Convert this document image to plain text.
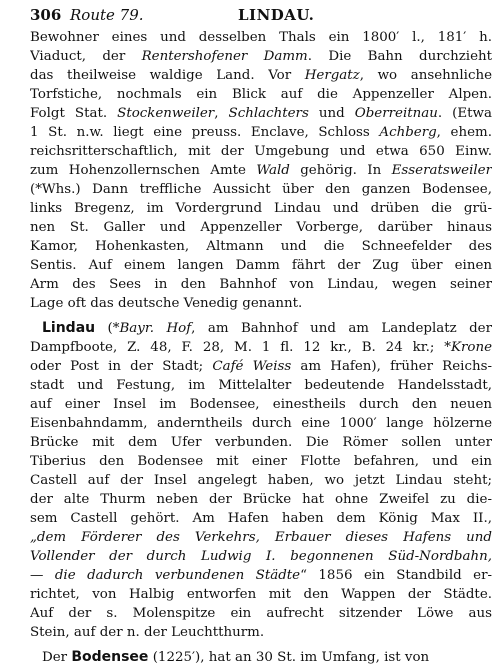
306 Route 79.	LINDAU.
Bewohner eines und desselben Thals ein 1800′ l., 181′ h.
Viaduct, der Rentershofener Damm. Die Bahn durchzieht
das theilweise waldige Land. Vor Hergatz, wo ansehnliche
Torfstiche, nochmals ein Blick auf die Appenzeller Alpen.
Folgt Stat. Stockenweiler, Schlachters und Oberreitnau. (Etwa
1 St. n.w. liegt eine preuss. Enclave, Schloss Achberg, ehem.
reichsritterschaftlich, mit der Umgebung und etwa 650 Einw.
zum Hohenzollernschen Amte Wald gehörig. In Esseratsweiler
(*Whs.) Dann treffliche Aussicht über den ganzen Bodensee,
links Bregenz, im Vordergrund Lindau und drüben die grü-
nen St. Galler und Appenzeller Vorberge, darüber hinaus
Kamor, Hohenkasten, Altmann und die Schneefelder des
Sentis. Auf einem langen Damm fährt der Zug über einen
Arm des Sees in den Bahnhof von Lindau, wegen seiner
Lage oft das deutsche Venedig genannt.
Lindau (*Bayr. Hof, am Bahnhof und am Landeplatz der
Dampfboote, Z. 48, F. 28, M. 1 fl. 12 kr., B. 24 kr.; *Krone
oder Post in der Stadt; Café Weiss am Hafen), früher Reichs-
stadt und Festung, im Mittelalter bedeutende Handelsstadt,
auf einer Insel im Bodensee, einestheils durch den neuen
Eisenbahndamm, anderntheils durch eine 1000′ lange hölzerne
Brücke mit dem Ufer verbunden. Die Römer sollen unter
Tiberius den Bodensee mit einer Flotte befahren, und ein
Castell auf der Insel angelegt haben, wo jetzt Lindau steht;
der alte Thurm neben der Brücke hat ohne Zweifel zu die-
sem Castell gehört. Am Hafen haben dem König Max II.,
„dem Förderer des Verkehrs, Erbauer dieses Hafens und
Vollender der durch Ludwig I. begonnenen Süd-Nordbahn,
— die dadurch verbundenen Städte“ 1856 ein Standbild er-
richtet, von Halbig entworfen mit den Wappen der Städte.
Auf der s. Molenspitze ein aufrecht sitzender Löwe aus
Stein, auf der n. der Leuchtthurm.
Der Bodensee (1225′), hat an 30 St. im Umfang, ist von
